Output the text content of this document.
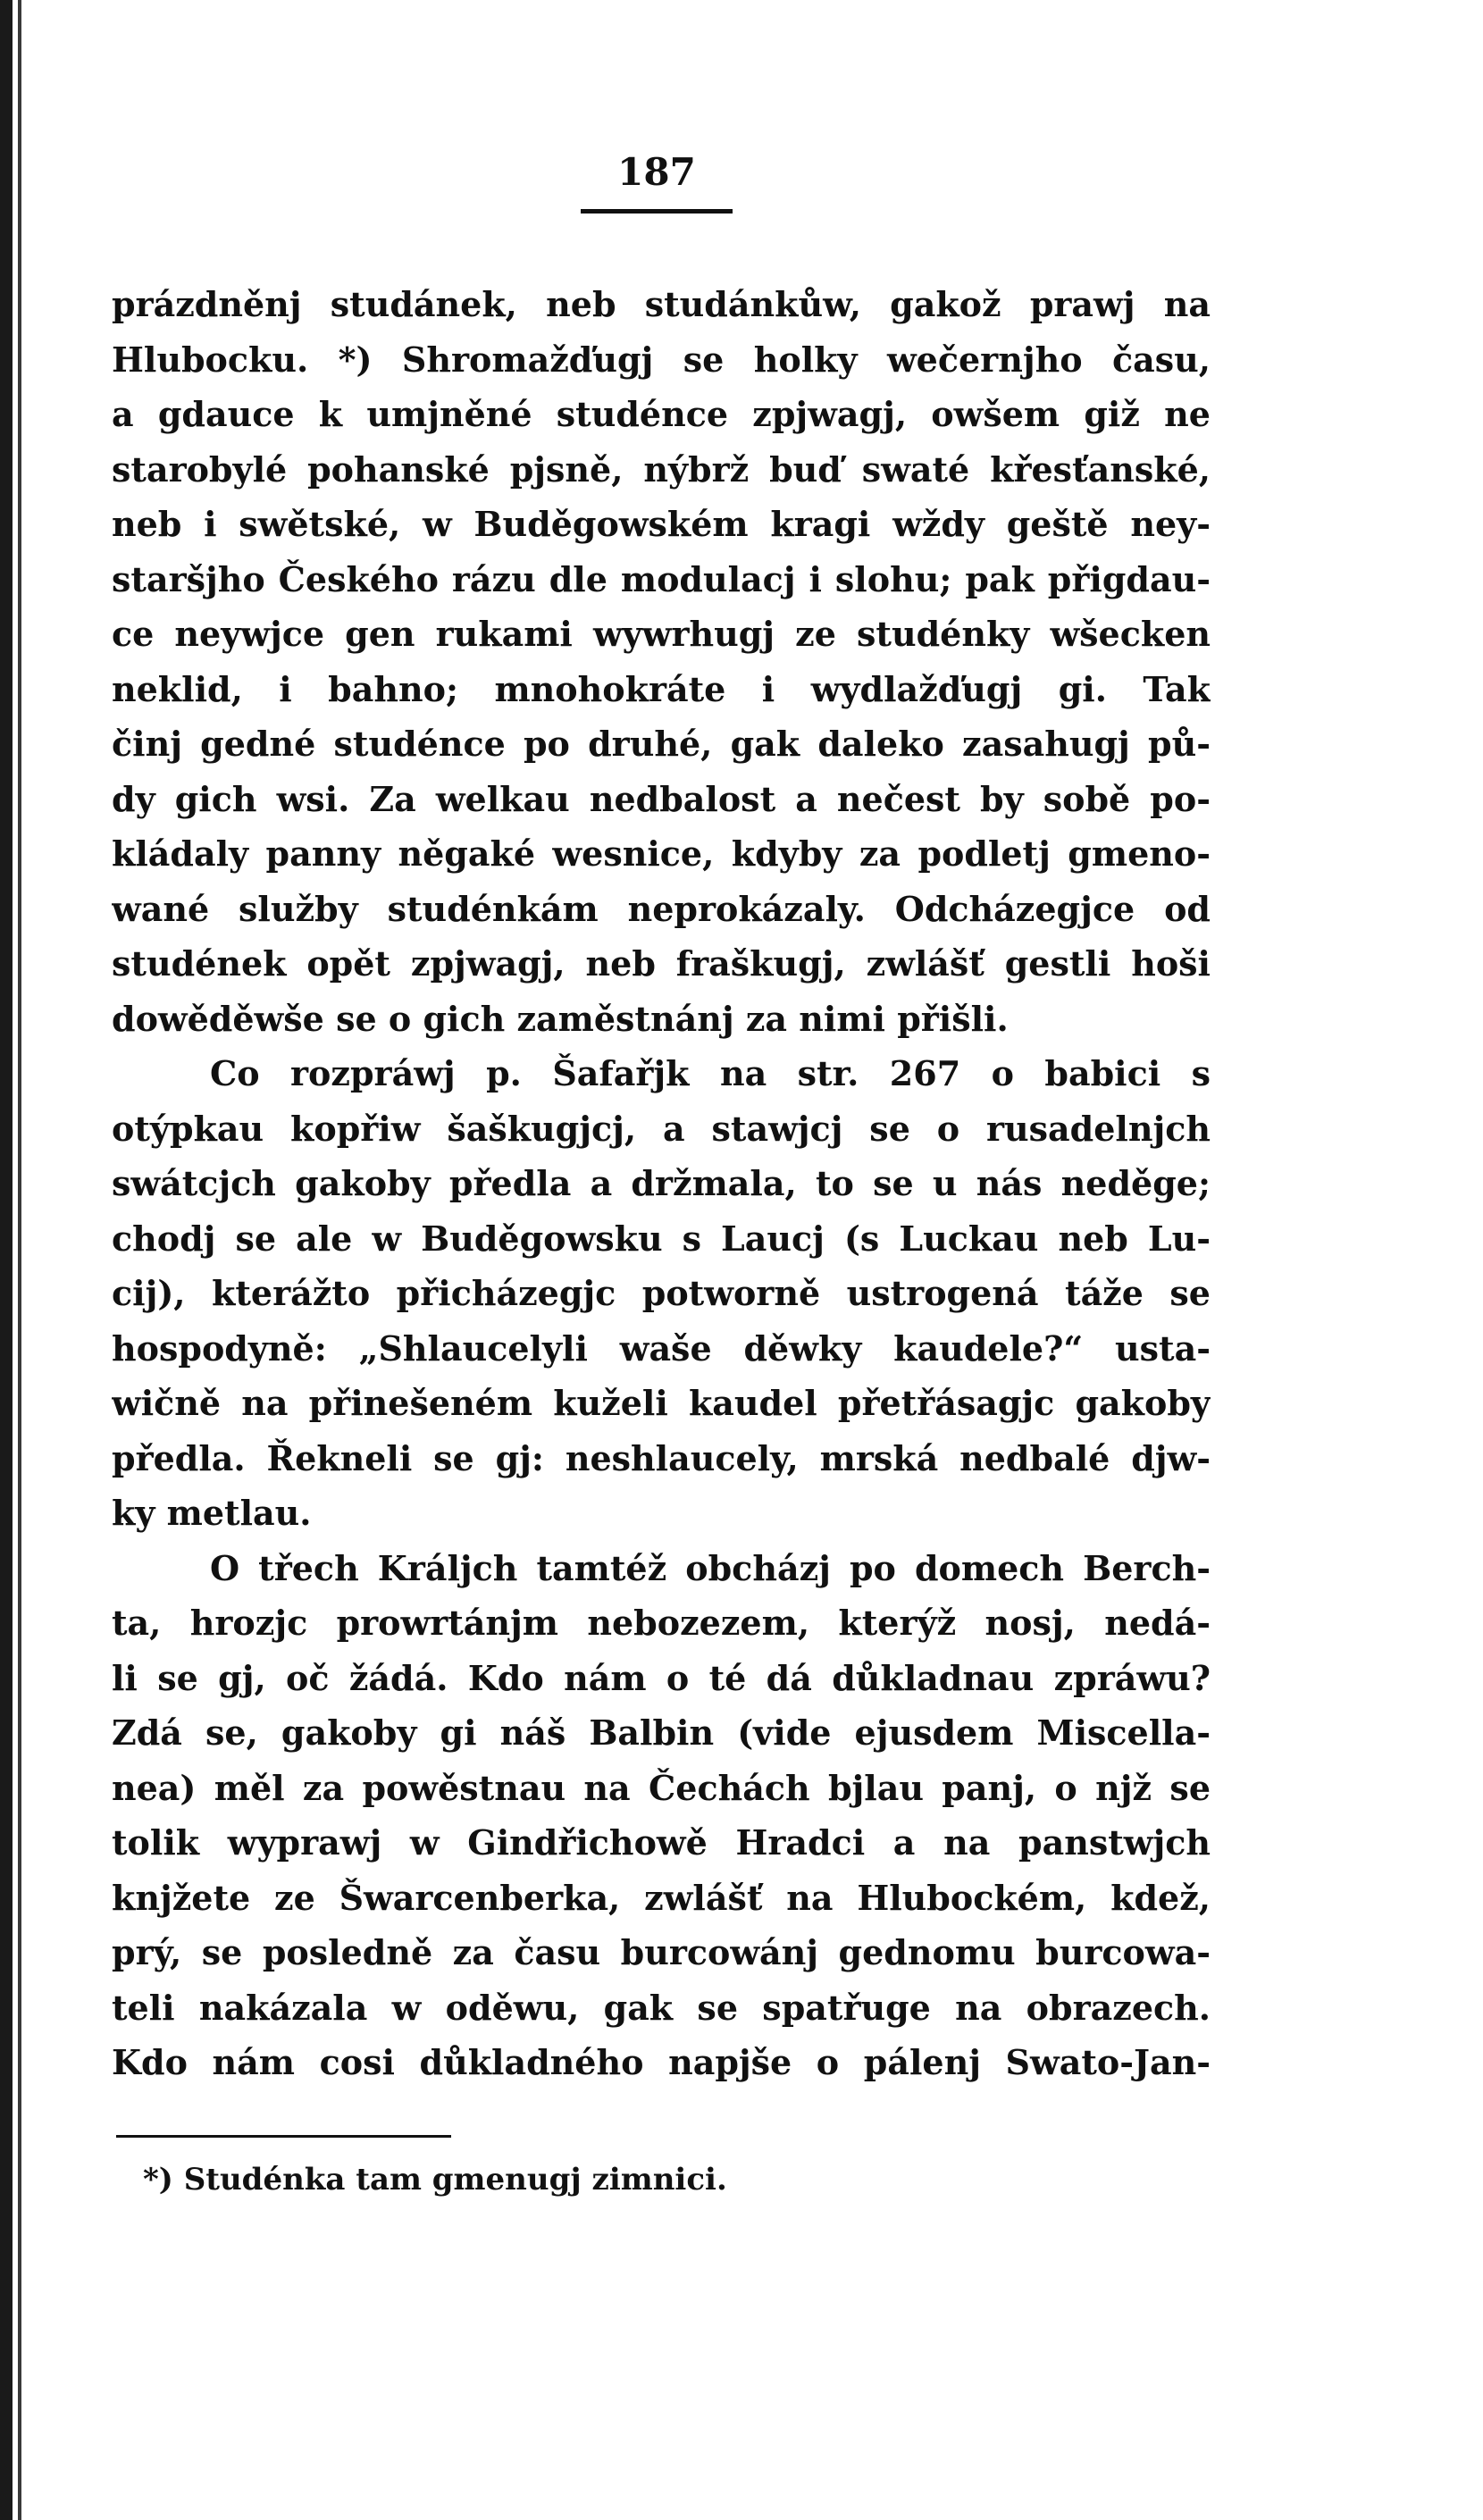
187
prázdněnj studánek, neb studánkůw, gakož prawj na
Hlubocku. *) Shromažďugj se holky wečernjho času,
a gdauce k umjněné studénce zpjwagj, owšem giž ne
starobylé pohanské pjsně, nýbrž buď swaté křesťanské,
neb i swětské, w Buděgowském kragi wždy geště ney-
staršjho Českého rázu dle modulacj i slohu; pak přigdau-
ce neywjce gen rukami wywrhugj ze studénky wšecken
neklid, i bahno; mnohokráte i wydlažďugj gi. Tak
činj gedné studénce po druhé, gak daleko zasahugj pů-
dy gich wsi. Za welkau nedbalost a nečest by sobě po-
kládaly panny něgaké wesnice, kdyby za podletj gmeno-
wané služby studénkám neprokázaly. Odcházegjce od
studének opět zpjwagj, neb fraškugj, zwlášť gestli hoši
dowěděwše se o gich zaměstnánj za nimi přišli.
Co rozpráwj p. Šafařjk na str. 267 o babici s
otýpkau kopřiw šaškugjcj, a stawjcj se o rusadelnjch
swátcjch gakoby předla a držmala, to se u nás neděge;
chodj se ale w Buděgowsku s Laucj (s Luckau neb Lu-
cij), kterážto přicházegjc potworně ustrogená táže se
hospodyně: „Shlaucelyli waše děwky kaudele?“ usta-
wičně na přinešeném kuželi kaudel přetřásagjc gakoby
předla. Řekneli se gj: neshlaucely, mrská nedbalé djw-
ky metlau.
O třech Králjch tamtéž obcházj po domech Berch-
ta, hrozjc prowrtánjm nebozezem, kterýž nosj, nedá-
li se gj, oč žádá. Kdo nám o té dá důkladnau zpráwu?
Zdá se, gakoby gi náš Balbin (vide ejusdem Miscella-
nea) měl za powěstnau na Čechách bjlau panj, o njž se
tolik wyprawj w Gindřichowě Hradci a na panstwjch
knjžete ze Šwarcenberka, zwlášť na Hlubockém, kdež,
prý, se posledně za času burcowánj gednomu burcowa-
teli nakázala w oděwu, gak se spatřuge na obrazech.
Kdo nám cosi důkladného napjše o pálenj Swato-Jan-
*) Studénka tam gmenugj zimnici.
